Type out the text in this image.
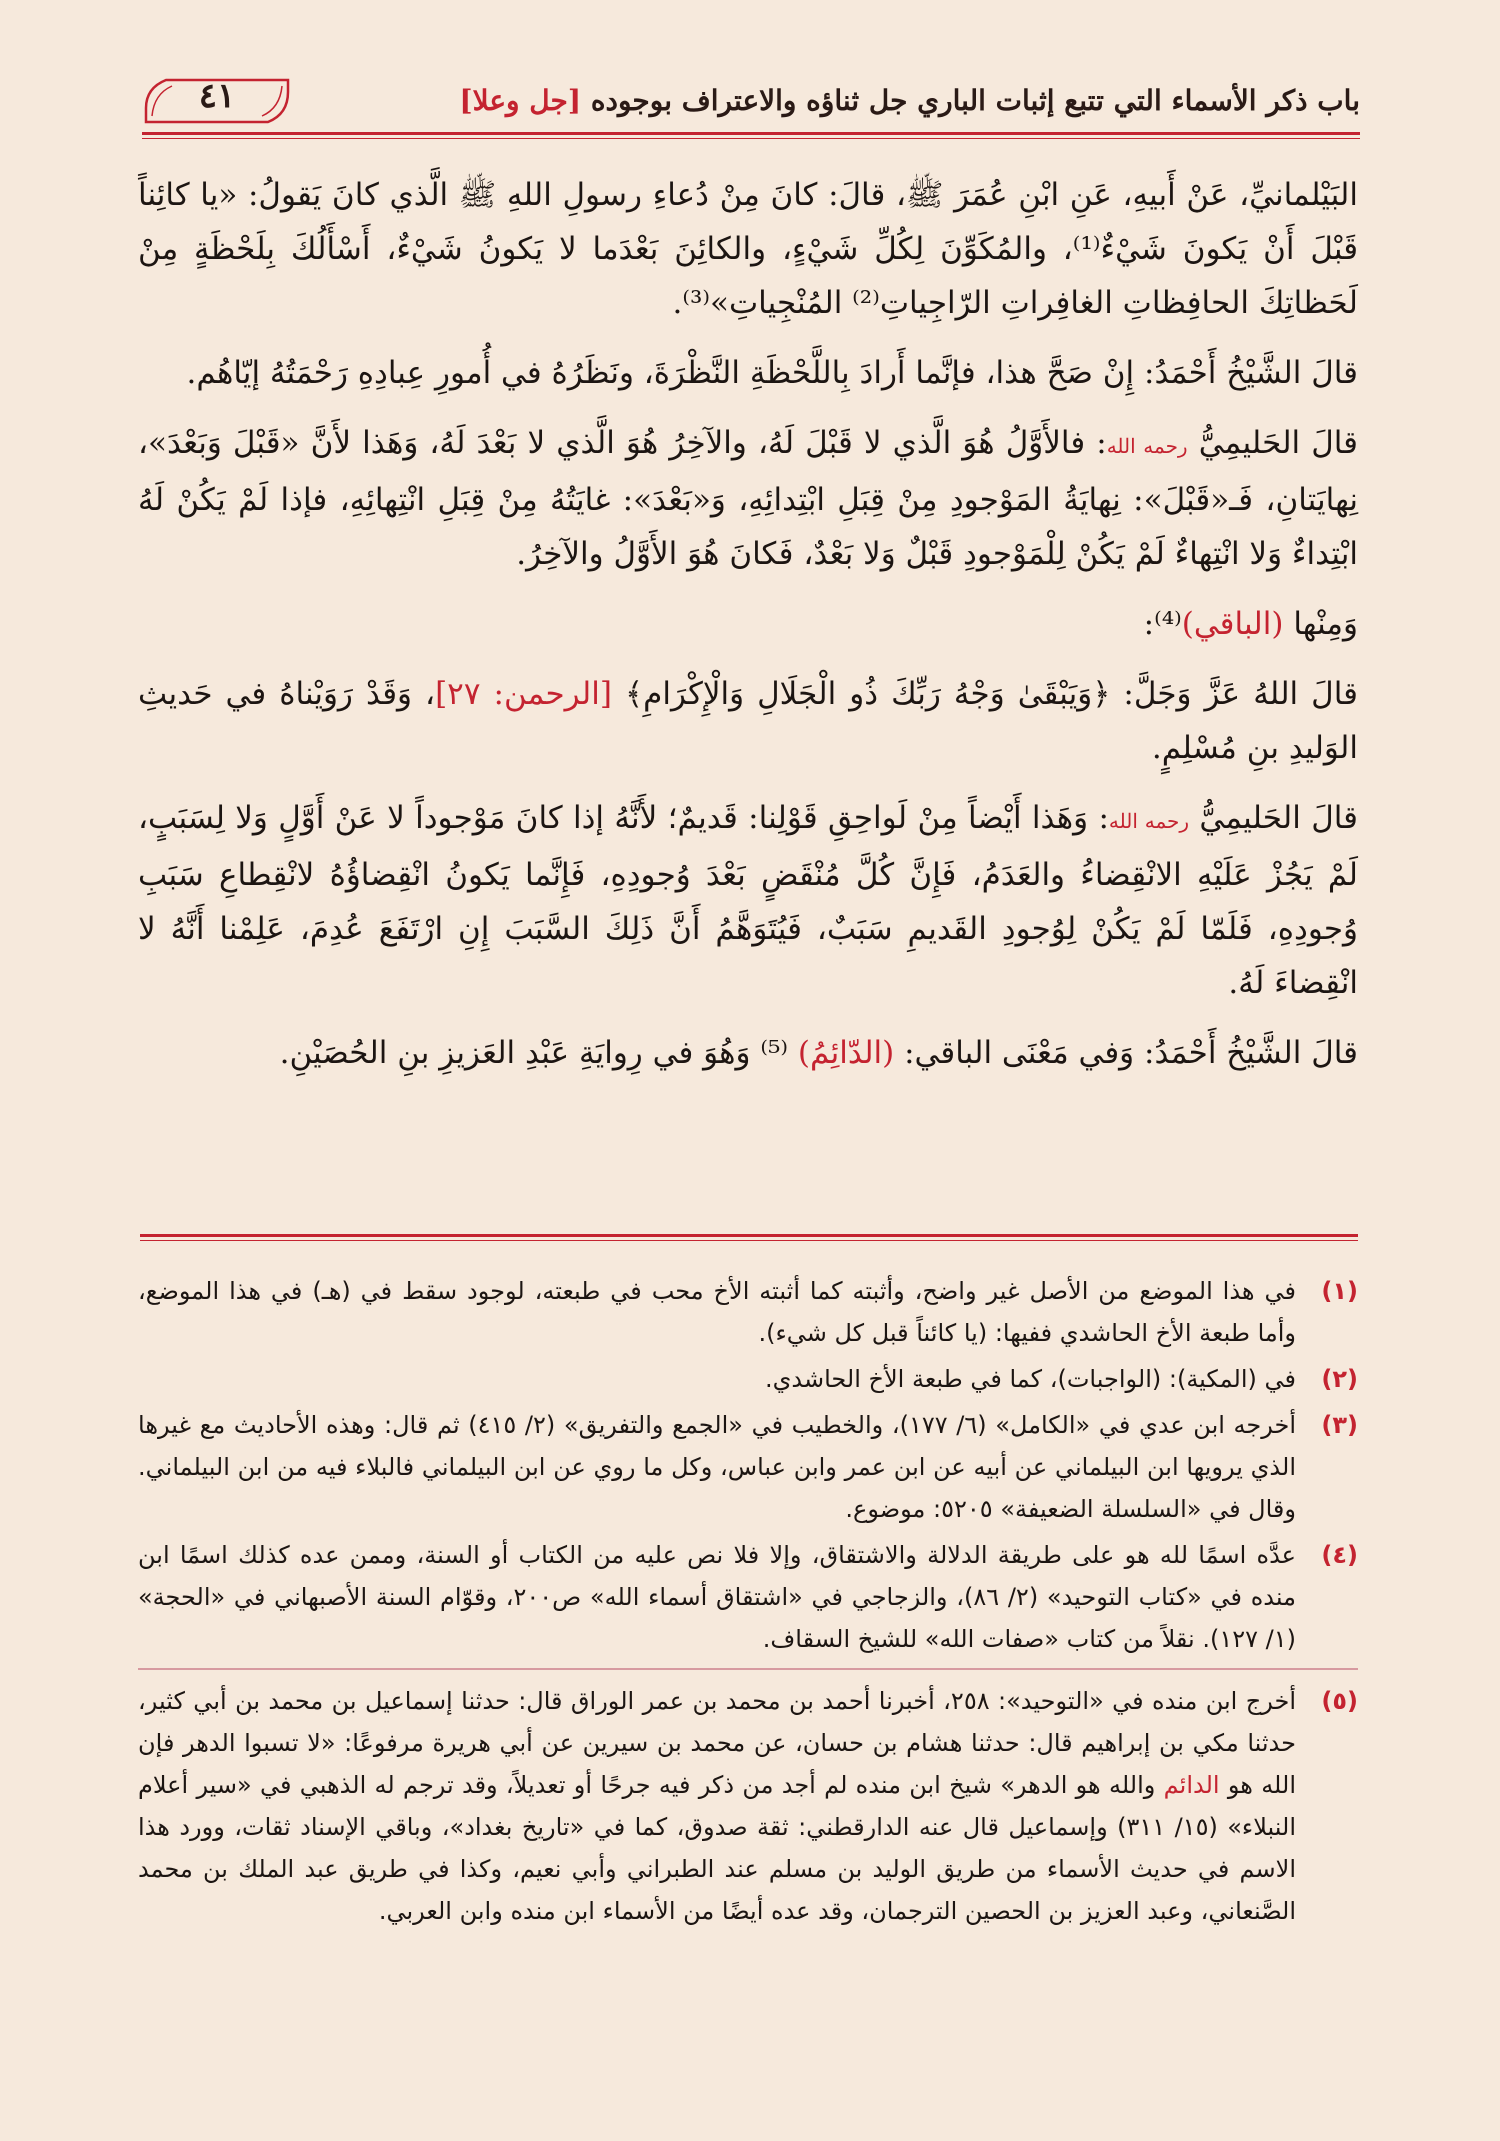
باب ذكر الأسماء التي تتبع إثبات الباري جل ثناؤه والاعتراف بوجوده [جل وعلا]
٤١

البَيْلمانيِّ، عَنْ أَبيهِ، عَنِ ابْنِ عُمَرَ ﷺ، قالَ: كانَ مِنْ دُعاءِ رسولِ اللهِ ﷺ الَّذي كانَ يَقولُ: «يا كائِناً قَبْلَ أَنْ يَكونَ شَيْءٌ⁽¹⁾، والمُكَوِّنَ لِكُلِّ شَيْءٍ، والكائِنَ بَعْدَما لا يَكونُ شَيْءٌ، أَسْأَلُكَ بِلَحْظَةٍ مِنْ لَحَظاتِكَ الحافِظاتِ الغافِراتِ الرّاجِياتِ⁽²⁾ المُنْجِياتِ»⁽³⁾.

قالَ الشَّيْخُ أَحْمَدُ: إِنْ صَحَّ هذا، فإنَّما أَرادَ بِاللَّحْظَةِ النَّظْرَةَ، ونَظَرُهُ في أُمورِ عِبادِهِ رَحْمَتُهُ إيّاهُم.

قالَ الحَليمِيُّ رحمه الله: فالأَوَّلُ هُوَ الَّذي لا قَبْلَ لَهُ، والآخِرُ هُوَ الَّذي لا بَعْدَ لَهُ، وَهَذا لأَنَّ «قَبْلَ وَبَعْدَ»، نِهايَتانِ، فَـ«قَبْلَ»: نِهايَةُ المَوْجودِ مِنْ قِبَلِ ابْتِدائِهِ، وَ«بَعْدَ»: غايَتُهُ مِنْ قِبَلِ انْتِهائِهِ، فإذا لَمْ يَكُنْ لَهُ ابْتِداءٌ وَلا انْتِهاءٌ لَمْ يَكُنْ لِلْمَوْجودِ قَبْلٌ وَلا بَعْدٌ، فَكانَ هُوَ الأَوَّلُ والآخِرُ.

وَمِنْها (الباقي)⁽⁴⁾:

قالَ اللهُ عَزَّ وَجَلَّ: ﴿وَيَبْقَىٰ وَجْهُ رَبِّكَ ذُو الْجَلَالِ وَالْإِكْرَامِ﴾ [الرحمن: ٢٧]، وَقَدْ رَوَيْناهُ في حَديثِ الوَليدِ بنِ مُسْلِمٍ.

قالَ الحَليمِيُّ رحمه الله: وَهَذا أَيْضاً مِنْ لَواحِقِ قَوْلِنا: قَديمٌ؛ لأَنَّهُ إذا كانَ مَوْجوداً لا عَنْ أَوَّلٍ وَلا لِسَبَبٍ، لَمْ يَجُزْ عَلَيْهِ الانْقِضاءُ والعَدَمُ، فَإِنَّ كُلَّ مُنْقَضٍ بَعْدَ وُجودِهِ، فَإِنَّما يَكونُ انْقِضاؤُهُ لانْقِطاعِ سَبَبِ وُجودِهِ، فَلَمّا لَمْ يَكُنْ لِوُجودِ القَديمِ سَبَبٌ، فَيُتَوَهَّمُ أَنَّ ذَلِكَ السَّبَبَ إِنِ ارْتَفَعَ عُدِمَ، عَلِمْنا أَنَّهُ لا انْقِضاءَ لَهُ.

قالَ الشَّيْخُ أَحْمَدُ: وَفي مَعْنَى الباقي: (الدّائِمُ) ⁽⁵⁾ وَهُوَ في رِوايَةِ عَبْدِ العَزيزِ بنِ الحُصَيْنِ.

(١)
في هذا الموضع من الأصل غير واضح، وأثبته كما أثبته الأخ محب في طبعته، لوجود سقط في (هـ) في هذا الموضع، وأما طبعة الأخ الحاشدي ففيها: (يا كائناً قبل كل شيء).
(٢)
في (المكية): (الواجبات)، كما في طبعة الأخ الحاشدي.
(٣)
أخرجه ابن عدي في «الكامل» (٦/ ١٧٧)، والخطيب في «الجمع والتفريق» (٢/ ٤١٥) ثم قال: وهذه الأحاديث مع غيرها الذي يرويها ابن البيلماني عن أبيه عن ابن عمر وابن عباس، وكل ما روي عن ابن البيلماني فالبلاء فيه من ابن البيلماني. وقال في «السلسلة الضعيفة» ٥٢٠٥: موضوع.
(٤)
عدَّه اسمًا لله هو على طريقة الدلالة والاشتقاق، وإلا فلا نص عليه من الكتاب أو السنة، وممن عده كذلك اسمًا ابن منده في «كتاب التوحيد» (٢/ ٨٦)، والزجاجي في «اشتقاق أسماء الله» ص٢٠٠، وقوّام السنة الأصبهاني في «الحجة» (١/ ١٢٧). نقلاً من كتاب «صفات الله» للشيخ السقاف.
(٥)
أخرج ابن منده في «التوحيد»: ٢٥٨، أخبرنا أحمد بن محمد بن عمر الوراق قال: حدثنا إسماعيل بن محمد بن أبي كثير، حدثنا مكي بن إبراهيم قال: حدثنا هشام بن حسان، عن محمد بن سيرين عن أبي هريرة مرفوعًا: «لا تسبوا الدهر فإن الله هو الدائم والله هو الدهر» شيخ ابن منده لم أجد من ذكر فيه جرحًا أو تعديلاً، وقد ترجم له الذهبي في «سير أعلام النبلاء» (١٥/ ٣١١) وإسماعيل قال عنه الدارقطني: ثقة صدوق، كما في «تاريخ بغداد»، وباقي الإسناد ثقات، وورد هذا الاسم في حديث الأسماء من طريق الوليد بن مسلم عند الطبراني وأبي نعيم، وكذا في طريق عبد الملك بن محمد الصَّنعاني، وعبد العزيز بن الحصين الترجمان، وقد عده أيضًا من الأسماء ابن منده وابن العربي.
